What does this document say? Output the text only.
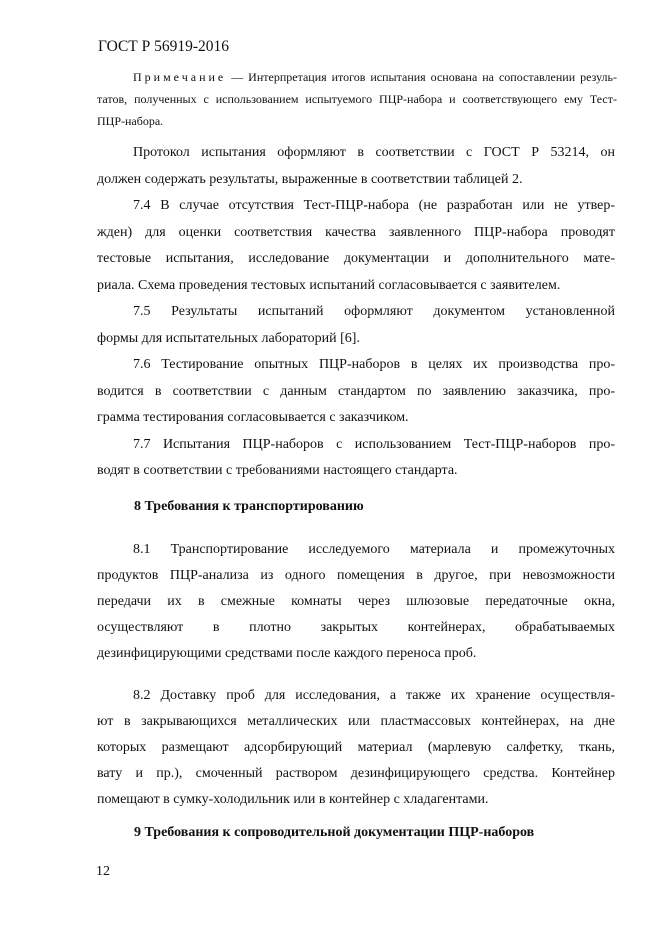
ГОСТ Р 56919-2016
Примечание — Интерпретация итогов испытания основана на сопоставлении резуль-
татов, полученных с использованием испытуемого ПЦР-набора и соответствующего ему Тест-
ПЦР-набора.
Протокол испытания оформляют в соответствии с ГОСТ Р 53214, он
должен содержать результаты, выраженные в соответствии таблицей 2.
7.4 В случае отсутствия Тест-ПЦР-набора (не разработан или не утвер-
жден) для оценки соответствия качества заявленного ПЦР-набора проводят
тестовые испытания, исследование документации и дополнительного мате-
риала. Схема проведения тестовых испытаний согласовывается с заявителем.
7.5 Результаты испытаний оформляют документом установленной
формы для испытательных лабораторий [6].
7.6 Тестирование опытных ПЦР-наборов в целях их производства про-
водится в соответствии с данным стандартом по заявлению заказчика, про-
грамма тестирования согласовывается с заказчиком.
7.7 Испытания ПЦР-наборов с использованием Тест-ПЦР-наборов про-
водят в соответствии с требованиями настоящего стандарта.
8 Требования к транспортированию
8.1 Транспортирование исследуемого материала и промежуточных
продуктов ПЦР-анализа из одного помещения в другое, при невозможности
передачи их в смежные комнаты через шлюзовые передаточные окна,
осуществляют в плотно закрытых контейнерах, обрабатываемых
дезинфицирующими средствами после каждого переноса проб.
8.2 Доставку проб для исследования, а также их хранение осуществля-
ют в закрывающихся металлических или пластмассовых контейнерах, на дне
которых размещают адсорбирующий материал (марлевую салфетку, ткань,
вату и пр.), смоченный раствором дезинфицирующего средства. Контейнер
помещают в сумку-холодильник или в контейнер с хладагентами.
9 Требования к сопроводительной документации ПЦР-наборов
12
